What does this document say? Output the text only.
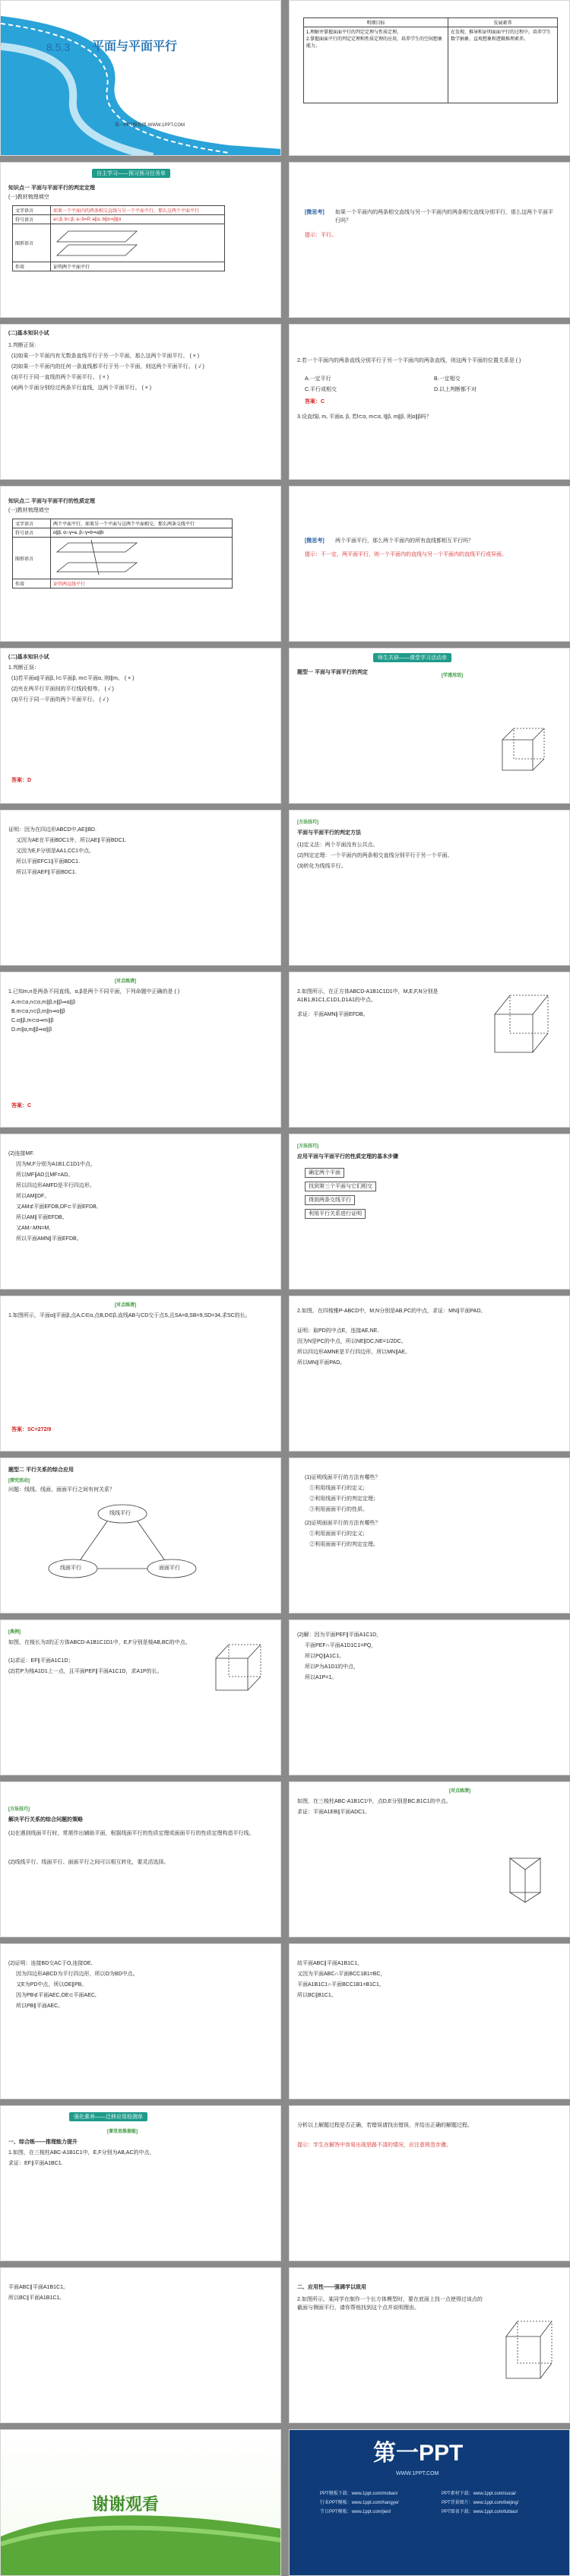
8.5.3 平面与平面平行
第一PPT模板网-WWW.1PPT.COM
明细目标	发展素养

1.理解并掌握面面平行的判定定理与性质定理。
2.掌握面面平行的判定定理和性质定理的应用，培养学生的空间想象能力。	在发现、推导和证明面面平行的过程中，培养学生数学抽象、直观想象和逻辑推理素养。
自主学习——预习预习任务单
知识点一 平面与平面平行的判定定理
(一)教材梳理填空
文字语言	如果一个平面内的两条相交直线与另一个平面平行，那么这两个平面平行
符号语言	a⊂β, b⊂β, a∩b=P, a∥α, b∥α⇒β∥α
图形语言	
作用	证明两个平面平行
[微思考] 如果一个平面内的两条相交直线与另一个平面内的两条相交直线分别平行，那么这两个平面平行吗？
提示：平行。
(二)基本知识小试
1.判断正误：
(1)如果一个平面内有无数条直线平行于另一个平面，那么这两个平面平行。 ( × )
(2)如果一个平面内的任何一条直线都平行于另一个平面，则这两个平面平行。 ( √ )
(3)平行于同一直线的两个平面平行。 ( × )
(4)两个平面分别经过两条平行直线，这两个平面平行。 ( × )
2.若一个平面内的两条直线分别平行于另一个平面内的两条直线，则这两个平面的位置关系是 ( )
A.一定平行	B.一定相交
C.平行或相交	D.以上判断都不对
答案：C
3.设直线l, m, 平面α, β, 若l⊂α, m⊂α, l∥β, m∥β, 则α∥β吗？
知识点二 平面与平面平行的性质定理
(一)教材梳理填空
文字语言	两个平面平行，如果另一个平面与这两个平面相交，那么两条交线平行
符号语言	α∥β, α∩γ=a, β∩γ=b⇒a∥b
图形语言	
作用	证明两直线平行
[微思考] 两个平面平行，那么两个平面内的所有直线都相互平行吗？
提示：不一定，两平面平行，则一个平面内的直线与另一个平面内的直线平行或异面。
(二)基本知识小试
1.判断正误：
(1)若平面α∥平面β, l⊂平面β, m⊂平面α, 则l∥m。 ( × )
(2)夹在两平行平面间的平行线段相等。 ( √ )
(3)平行于同一平面的两个平面平行。 ( √ )
答案：D
师生共研——课堂学习活动单
题型一 平面与平面平行的判定
[学透用活]
证明：因为在四边形ABCD中,AE∥BD.
又因为AE在平面BDC1外，所以AE∥平面BDC1.
又因为E,F分别是AA1,CC1中点。
所以平面EFC1∥平面BDC1.
所以平面AEF∥平面BDC1.
[方法技巧]
平面与平面平行的判定方法
(1)定义法：两个平面没有公共点。
(2)判定定理：一个平面内的两条相交直线分别平行于另一个平面。
(3)转化为线线平行。
[对点练清]
1.已知m,n是两条不同直线，α,β是两个不同平面，下列命题中正确的是 ( )
A.m⊂α,n⊂α,m∥β,n∥β⇒α∥β
B.m⊂α,n⊂β,m∥n⇒α∥β
C.α∥β,m⊂α⇒m∥β
D.m∥α,m∥β⇒α∥β
答案：C
2.如图所示，在正方体ABCD-A1B1C1D1中，M,E,F,N分别是A1B1,B1C1,C1D1,D1A1的中点。
求证：平面AMN∥平面EFDB。
(2)连接MF.
因为M,F分别为A1B1,C1D1中点，
所以MF∥AD且MF=AD。
所以四边形AMFD是平行四边形。
所以AM∥DF。
又AM⊄平面EFDB,DF⊂平面EFDB,
所以AM∥平面EFDB。
又AM∩MN=M,
所以平面AMN∥平面EFDB。
[方法技巧]
应用平面与平面平行的性质定理的基本步骤
确定两个平面
找到第三个平面与它们相交
得到两条交线平行
利用平行关系进行证明
[对点练清]
1.如图所示，平面α∥平面β,点A,C∈α,点B,D∈β,直线AB与CD交于点S,且SA=8,SB=9,SD=34,求SC的长。
答案：SC=272/9
2.如图，在四棱锥P-ABCD中，M,N分别是AB,PC的中点，求证：MN∥平面PAD。
证明：取PD的中点E，连接AE,NE.
因为N是PC的中点，所以NE∥DC,NE=1/2DC。
所以四边形AMNE是平行四边形，所以MN∥AE。
所以MN∥平面PAD。
题型二 平行关系的综合应用
[探究活动]
问题：线线、线面、面面平行之间有何关系？
线线平行
线面平行	面面平行
(1)证明线面平行的方法有哪些？
①利用线面平行的定义；
②利用线面平行的判定定理；
③利用面面平行的性质。
(2)证明面面平行的方法有哪些？
①利用面面平行的定义；
②利用面面平行的判定定理。
[典例]
如图，在棱长为2的正方体ABCD-A1B1C1D1中，E,F分别是棱AB,BC的中点。
(1)求证：EF∥平面A1C1D；
(2)若P为棱A1D1上一点，且平面PEF∥平面A1C1D，求A1P的长。
(2)解：因为平面PEF∥平面A1C1D，
平面PEF∩平面A1D1C1=PQ，
所以PQ∥A1C1。
所以P为A1D1的中点，
所以A1P=1。
[方法技巧]
解决平行关系的综合问题的策略
(1)在遇到线面平行时，常需作出辅助平面，根据线面平行的性质定理或面面平行的性质定理构造平行线。
(2)线线平行、线面平行、面面平行之间可以相互转化，要灵活选择。
[对点练清]
如图，在三棱柱ABC-A1B1C1中，点D,E分别是BC,B1C1的中点。
求证：平面A1EB∥平面ADC1。
(2)证明：连接BD交AC于O,连接OE,
因为四边形ABCD为平行四边形，所以O为BD中点。
又E为PD中点，所以OE∥PB。
因为PB⊄平面AEC,OE⊂平面AEC,
所以PB∥平面AEC。
故平面ABC∥平面A1B1C1，
又因为平面ABC∩平面BCC1B1=BC，
平面A1B1C1∩平面BCC1B1=B1C1，
所以BC∥B1C1。
强化素养——迁移应用检测单
[课堂思维提能]
一、综合练——推理能力提升
1.如图，在三棱柱ABC-A1B1C1中，E,F分别为AB,AC的中点，
求证：EF∥平面A1BC1.
分析以上解题过程是否正确，若错误请找出错误，并给出正确的解题过程。
提示：学生在解答中容易出现思路不清的情况，应注意规范步骤。
平面ABC∥平面A1B1C1。
所以BC∥平面A1B1C1。
二、应用性——强调学以致用
2.如图所示，某同学在制作一个长方体模型时，要在底面上找一点使得过该点的截面与侧面平行，请你帮他找到这个点并说明理由。
谢谢观看
第一PPT
WWW.1PPT.COM
PPT模板下载：www.1ppt.com/moban/
行业PPT模板：www.1ppt.com/hangye/
节日PPT模板：www.1ppt.com/jieri/
PPT素材下载：www.1ppt.com/sucai/
PPT背景图片：www.1ppt.com/beijing/
PPT图表下载：www.1ppt.com/tubiao/
